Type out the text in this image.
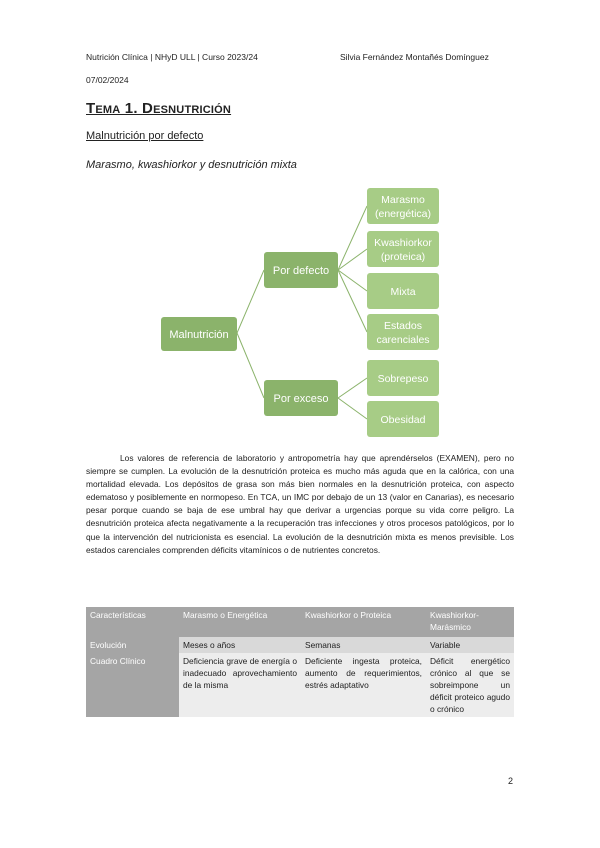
Nutrición Clínica | NHyD ULL | Curso 2023/24	Silvia Fernández Montañés Domínguez
07/02/2024
Tema 1. Desnutrición
Malnutrición por defecto
Marasmo, kwashiorkor y desnutrición mixta
Malnutrición
Por defecto
Por exceso
Marasmo
(energética)
Kwashiorkor
(proteica)
Mixta
Estados
carenciales
Sobrepeso
Obesidad
Los valores de referencia de laboratorio y antropometría hay que aprendérselos (EXAMEN), pero no siempre se cumplen. La evolución de la desnutrición proteica es mucho más aguda que en la calórica, con una mortalidad elevada. Los depósitos de grasa son más bien normales en la desnutrición proteica, con aspecto edematoso y posiblemente en normopeso. En TCA, un IMC por debajo de un 13 (valor en Canarias), es necesario pesar porque cuando se baja de ese umbral hay que derivar a urgencias porque su vida corre peligro. La desnutrición proteica afecta negativamente a la recuperación tras infecciones y otros procesos patológicos, por lo que la intervención del nutricionista es esencial. La evolución de la desnutrición mixta es menos previsible. Los estados carenciales comprenden déficits vitamínicos o de nutrientes concretos.
Características	Marasmo o Energética	Kwashiorkor o Proteica	Kwashiorkor-Marásmico
Evolución	Meses o años	Semanas	Variable
Cuadro Clínico	Deficiencia grave de energía o inadecuado aprovechamiento de la misma	Deficiente ingesta proteica, aumento de requerimientos, estrés adaptativo	Déficit energético crónico al que se sobreimpone un déficit proteico agudo o crónico
2
